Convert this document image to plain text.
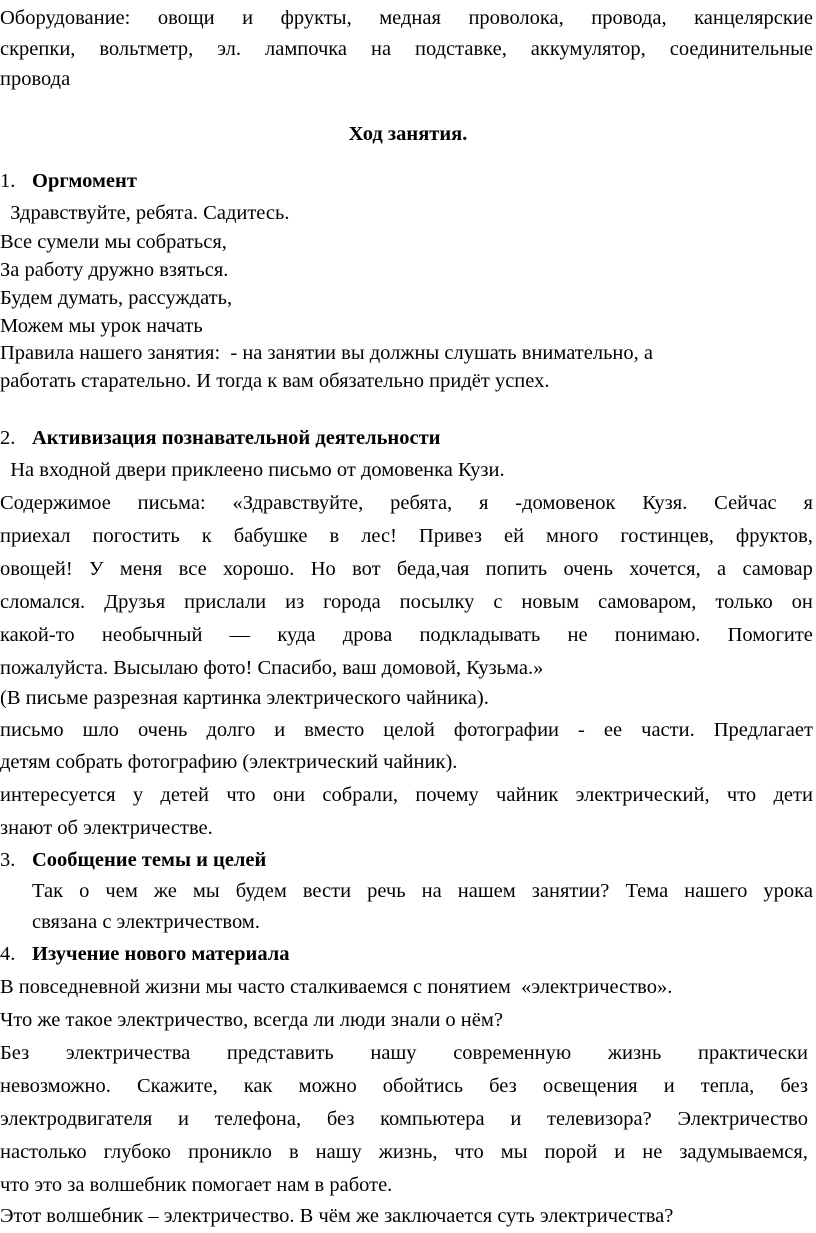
Оборудование: овощи и фрукты, медная проволока, провода, канцелярские
скрепки, вольтметр, эл. лампочка на подставке, аккумулятор, соединительные
провода
Ход занятия.
1. Оргмомент
Здравствуйте, ребята. Садитесь.
Все сумели мы собраться,
За работу дружно взяться.
Будем думать, рассуждать,
Можем мы урок начать
Правила нашего занятия:  - на занятии вы должны слушать внимательно, а
работать старательно. И тогда к вам обязательно придёт успех.
2. Активизация познавательной деятельности
На входной двери приклеено письмо от домовенка Кузи.
Содержимое письма: «Здравствуйте, ребята, я -домовенок Кузя. Сейчас я
приехал погостить к бабушке в лес! Привез ей много гостинцев, фруктов,
овощей! У меня все хорошо. Но вот беда,чая попить очень хочется, а самовар
сломался. Друзья прислали из города посылку с новым самоваром, только он
какой-то необычный — куда дрова подкладывать не понимаю. Помогите
пожалуйста. Высылаю фото! Спасибо, ваш домовой, Кузьма.»
(В письме разрезная картинка электрического чайника).
письмо шло очень долго и вместо целой фотографии - ее части. Предлагает
детям собрать фотографию (электрический чайник).
интересуется у детей что они собрали, почему чайник электрический, что дети
знают об электричестве.
3. Сообщение темы и целей
Так о чем же мы будем вести речь на нашем занятии? Тема нашего урока
связана с электричеством.
4. Изучение нового материала
В повседневной жизни мы часто сталкиваемся с понятием  «электричество».
Что же такое электричество, всегда ли люди знали о нём?
Без электричества представить нашу современную жизнь практически
невозможно. Скажите, как можно обойтись без освещения и тепла, без
электродвигателя и телефона, без компьютера и телевизора? Электричество
настолько глубоко проникло в нашу жизнь, что мы порой и не задумываемся,
что это за волшебник помогает нам в работе.
Этот волшебник – электричество. В чём же заключается суть электричества?
